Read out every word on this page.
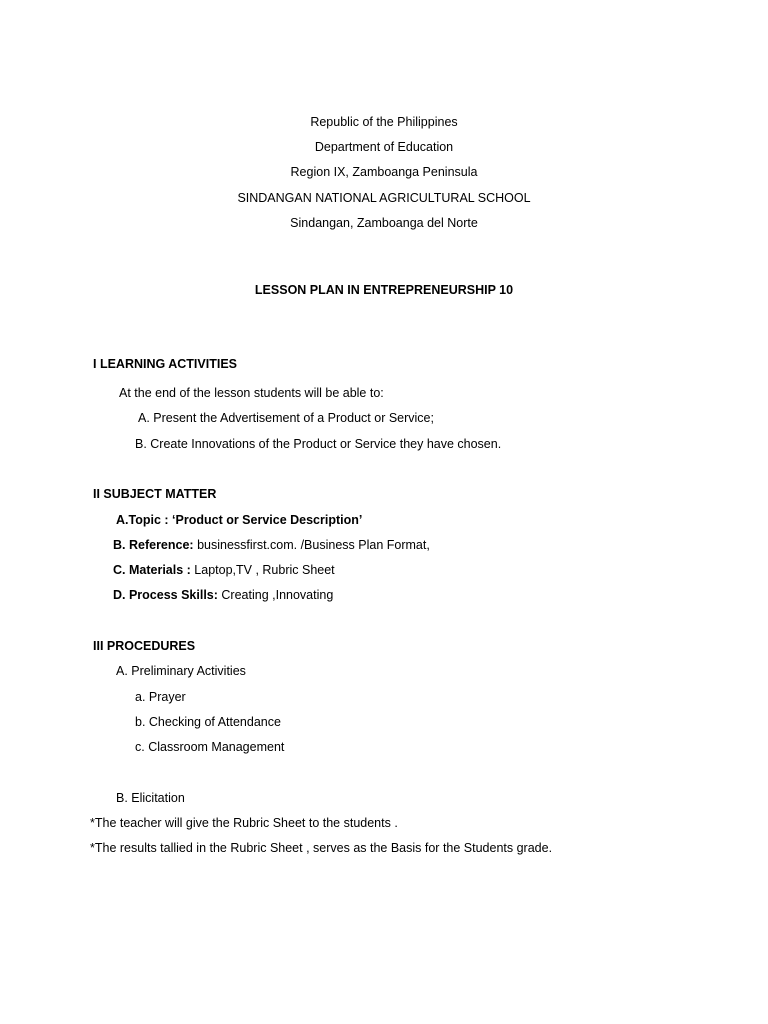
Republic of the Philippines
Department of Education
Region IX, Zamboanga Peninsula
SINDANGAN NATIONAL AGRICULTURAL SCHOOL
Sindangan, Zamboanga del Norte
LESSON PLAN IN ENTREPRENEURSHIP 10
I LEARNING ACTIVITIES
At the end of the lesson students will be able to:
A. Present the Advertisement of a Product or Service;
B. Create Innovations of the Product or Service they have chosen.
II SUBJECT MATTER
A.Topic : ‘Product or Service Description’
B. Reference: businessfirst.com. /Business Plan Format,
C. Materials : Laptop,TV , Rubric Sheet
D. Process Skills: Creating ,Innovating
III PROCEDURES
A. Preliminary Activities
a. Prayer
b. Checking of Attendance
c. Classroom Management
B. Elicitation
*The teacher will give the Rubric Sheet to the students .
*The results tallied in the Rubric Sheet , serves as the Basis for the Students grade.
